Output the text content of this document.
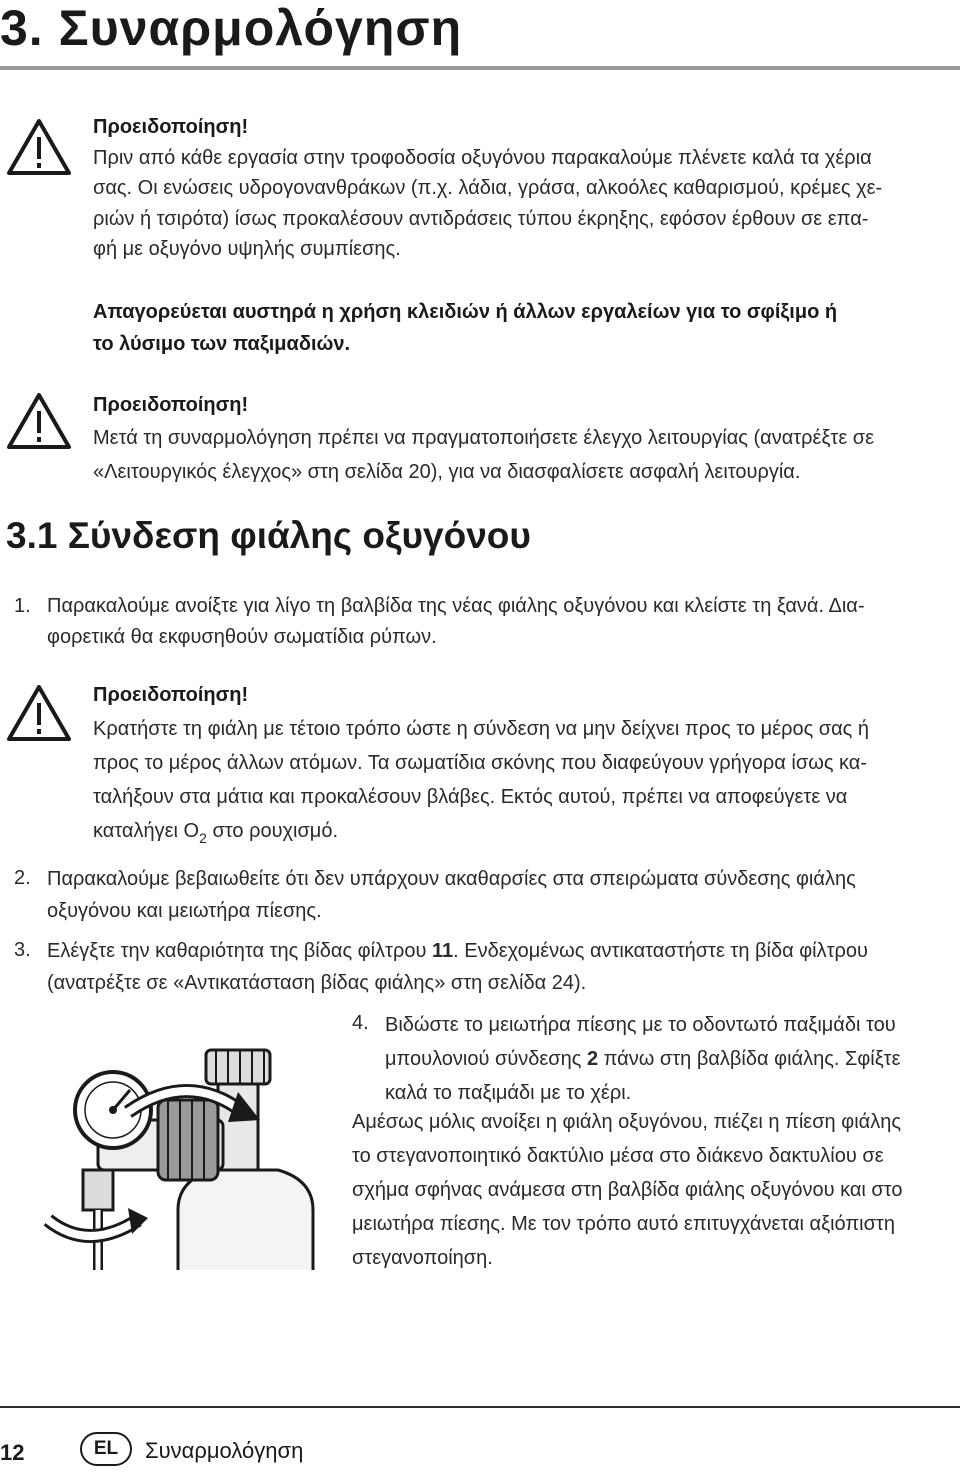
3. Συναρμολόγηση
Προειδοποίηση!
Πριν από κάθε εργασία στην τροφοδοσία οξυγόνου παρακαλούμε πλένετε καλά τα χέρια
σας. Οι ενώσεις υδρογονανθράκων (π.χ. λάδια, γράσα, αλκοόλες καθαρισμού, κρέμες χε-
ριών ή τσιρότα) ίσως προκαλέσουν αντιδράσεις τύπου έκρηξης, εφόσον έρθουν σε επα-
φή με οξυγόνο υψηλής συμπίεσης.
Απαγορεύεται αυστηρά η χρήση κλειδιών ή άλλων εργαλείων για το σφίξιμο ή
το λύσιμο των παξιμαδιών.
Προειδοποίηση!
Μετά τη συναρμολόγηση πρέπει να πραγματοποιήσετε έλεγχο λειτουργίας (ανατρέξτε σε
«Λειτουργικός έλεγχος» στη σελίδα 20), για να διασφαλίσετε ασφαλή λειτουργία.
3.1 Σύνδεση φιάλης οξυγόνου
1. Παρακαλούμε ανοίξτε για λίγο τη βαλβίδα της νέας φιάλης οξυγόνου και κλείστε τη ξανά. Δια-
φορετικά θα εκφυσηθούν σωματίδια ρύπων.
Προειδοποίηση!
Κρατήστε τη φιάλη με τέτοιο τρόπο ώστε η σύνδεση να μην δείχνει προς το μέρος σας ή
προς το μέρος άλλων ατόμων. Τα σωματίδια σκόνης που διαφεύγουν γρήγορα ίσως κα-
ταλήξουν στα μάτια και προκαλέσουν βλάβες. Εκτός αυτού, πρέπει να αποφεύγετε να
καταλήγει $O_2$ στο ρουχισμό.
2. Παρακαλούμε βεβαιωθείτε ότι δεν υπάρχουν ακαθαρσίες στα σπειρώματα σύνδεσης φιάλης
οξυγόνου και μειωτήρα πίεσης.
3. Ελέγξτε την καθαριότητα της βίδας φίλτρου 11. Ενδεχομένως αντικαταστήστε τη βίδα φίλτρου
(ανατρέξτε σε «Αντικατάσταση βίδας φιάλης» στη σελίδα 24).
4. Βιδώστε το μειωτήρα πίεσης με το οδοντωτό παξιμάδι του
μπουλονιού σύνδεσης 2 πάνω στη βαλβίδα φιάλης. Σφίξτε
καλά το παξιμάδι με το χέρι.
Αμέσως μόλις ανοίξει η φιάλη οξυγόνου, πιέζει η πίεση φιάλης
το στεγανοποιητικό δακτύλιο μέσα στο διάκενο δακτυλίου σε
σχήμα σφήνας ανάμεσα στη βαλβίδα φιάλης οξυγόνου και στο
μειωτήρα πίεσης. Με τον τρόπο αυτό επιτυγχάνεται αξιόπιστη
στεγανοποίηση.
12	EL	Συναρμολόγηση
